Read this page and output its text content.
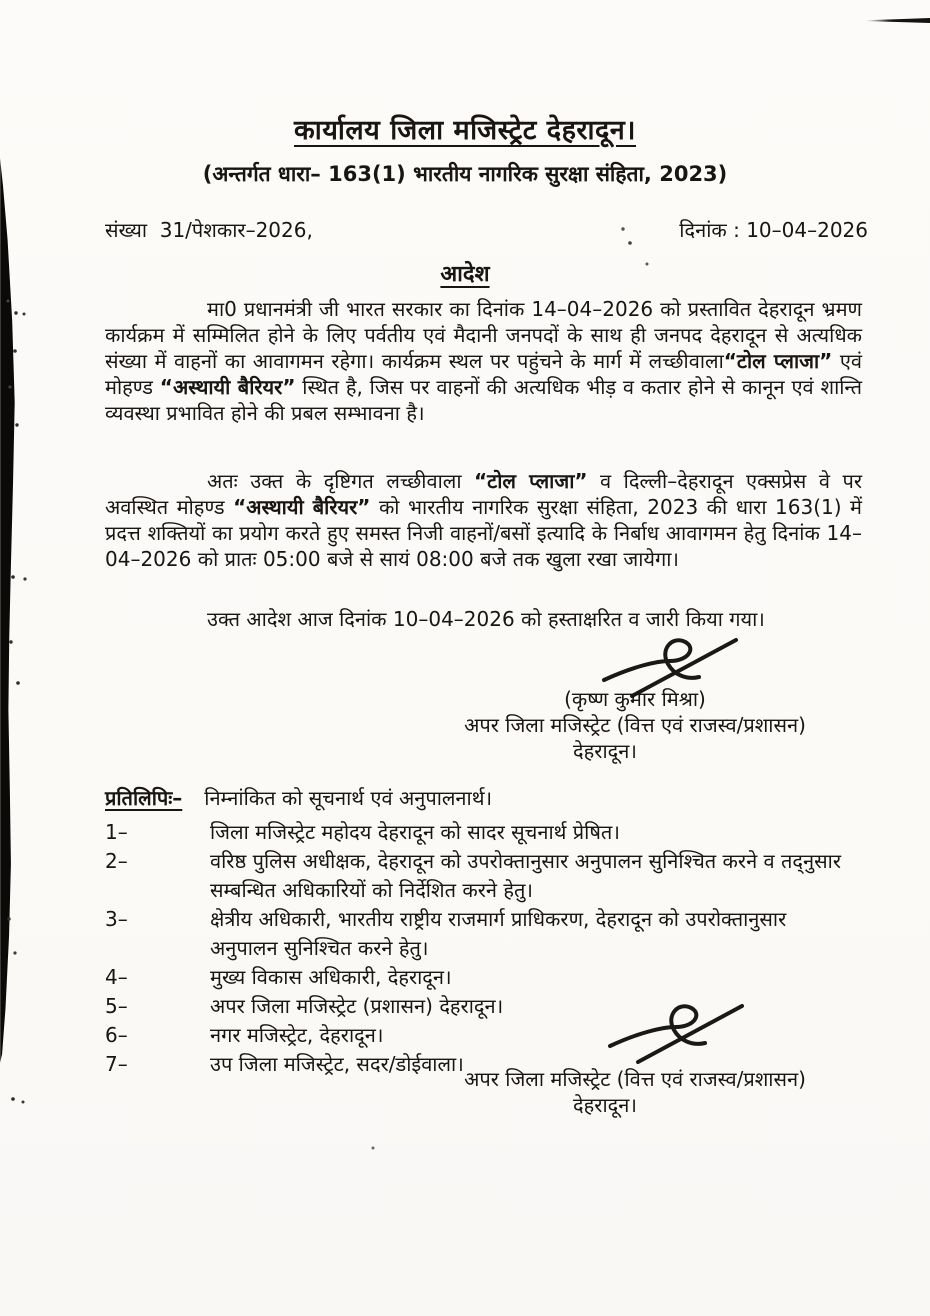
कार्यालय जिला मजिस्ट्रेट देहरादून।
(अन्तर्गत धारा– 163(1) भारतीय नागरिक सुरक्षा संहिता, 2023)
संख्या 31/पेशकार–2026,	दिनांक : 10–04–2026
आदेश

मा0 प्रधानमंत्री जी भारत सरकार का दिनांक 14–04–2026 को प्रस्तावित देहरादून भ्रमण कार्यक्रम में सम्मिलित होने के लिए पर्वतीय एवं मैदानी जनपदों के साथ ही जनपद देहरादून से अत्यधिक संख्या में वाहनों का आवागमन रहेगा। कार्यक्रम स्थल पर पहुंचने के मार्ग में लच्छीवाला“टोल प्लाजा” एवं मोहण्ड “अस्थायी बैरियर” स्थित है, जिस पर वाहनों की अत्यधिक भीड़ व कतार होने से कानून एवं शान्ति व्यवस्था प्रभावित होने की प्रबल सम्भावना है।

अतः उक्त के दृष्टिगत लच्छीवाला “टोल प्लाजा” व दिल्ली–देहरादून एक्सप्रेस वे पर अवस्थित मोहण्ड “अस्थायी बैरियर” को भारतीय नागरिक सुरक्षा संहिता, 2023 की धारा 163(1) में प्रदत्त शक्तियों का प्रयोग करते हुए समस्त निजी वाहनों/बसों इत्यादि के निर्बाध आवागमन हेतु दिनांक 14–04–2026 को प्रातः 05:00 बजे से सायं 08:00 बजे तक खुला रखा जायेगा।

उक्त आदेश आज दिनांक 10–04–2026 को हस्ताक्षरित व जारी किया गया।

(कृष्ण कुमार मिश्रा)
अपर जिला मजिस्ट्रेट (वित्त एवं राजस्व/प्रशासन)
देहरादून।
प्रतिलिपिः– निम्नांकित को सूचनार्थ एवं अनुपालनार्थ।
1–	जिला मजिस्ट्रेट महोदय देहरादून को सादर सूचनार्थ प्रेषित।
2–	वरिष्ठ पुलिस अधीक्षक, देहरादून को उपरोक्तानुसार अनुपालन सुनिश्चित करने व तद्नुसार सम्बन्धित अधिकारियों को निर्देशित करने हेतु।
3–	क्षेत्रीय अधिकारी, भारतीय राष्ट्रीय राजमार्ग प्राधिकरण, देहरादून को उपरोक्तानुसार अनुपालन सुनिश्चित करने हेतु।
4–	मुख्य विकास अधिकारी, देहरादून।
5–	अपर जिला मजिस्ट्रेट (प्रशासन) देहरादून।
6–	नगर मजिस्ट्रेट, देहरादून।
7–	उप जिला मजिस्ट्रेट, सदर/डोईवाला।
अपर जिला मजिस्ट्रेट (वित्त एवं राजस्व/प्रशासन)
देहरादून।
